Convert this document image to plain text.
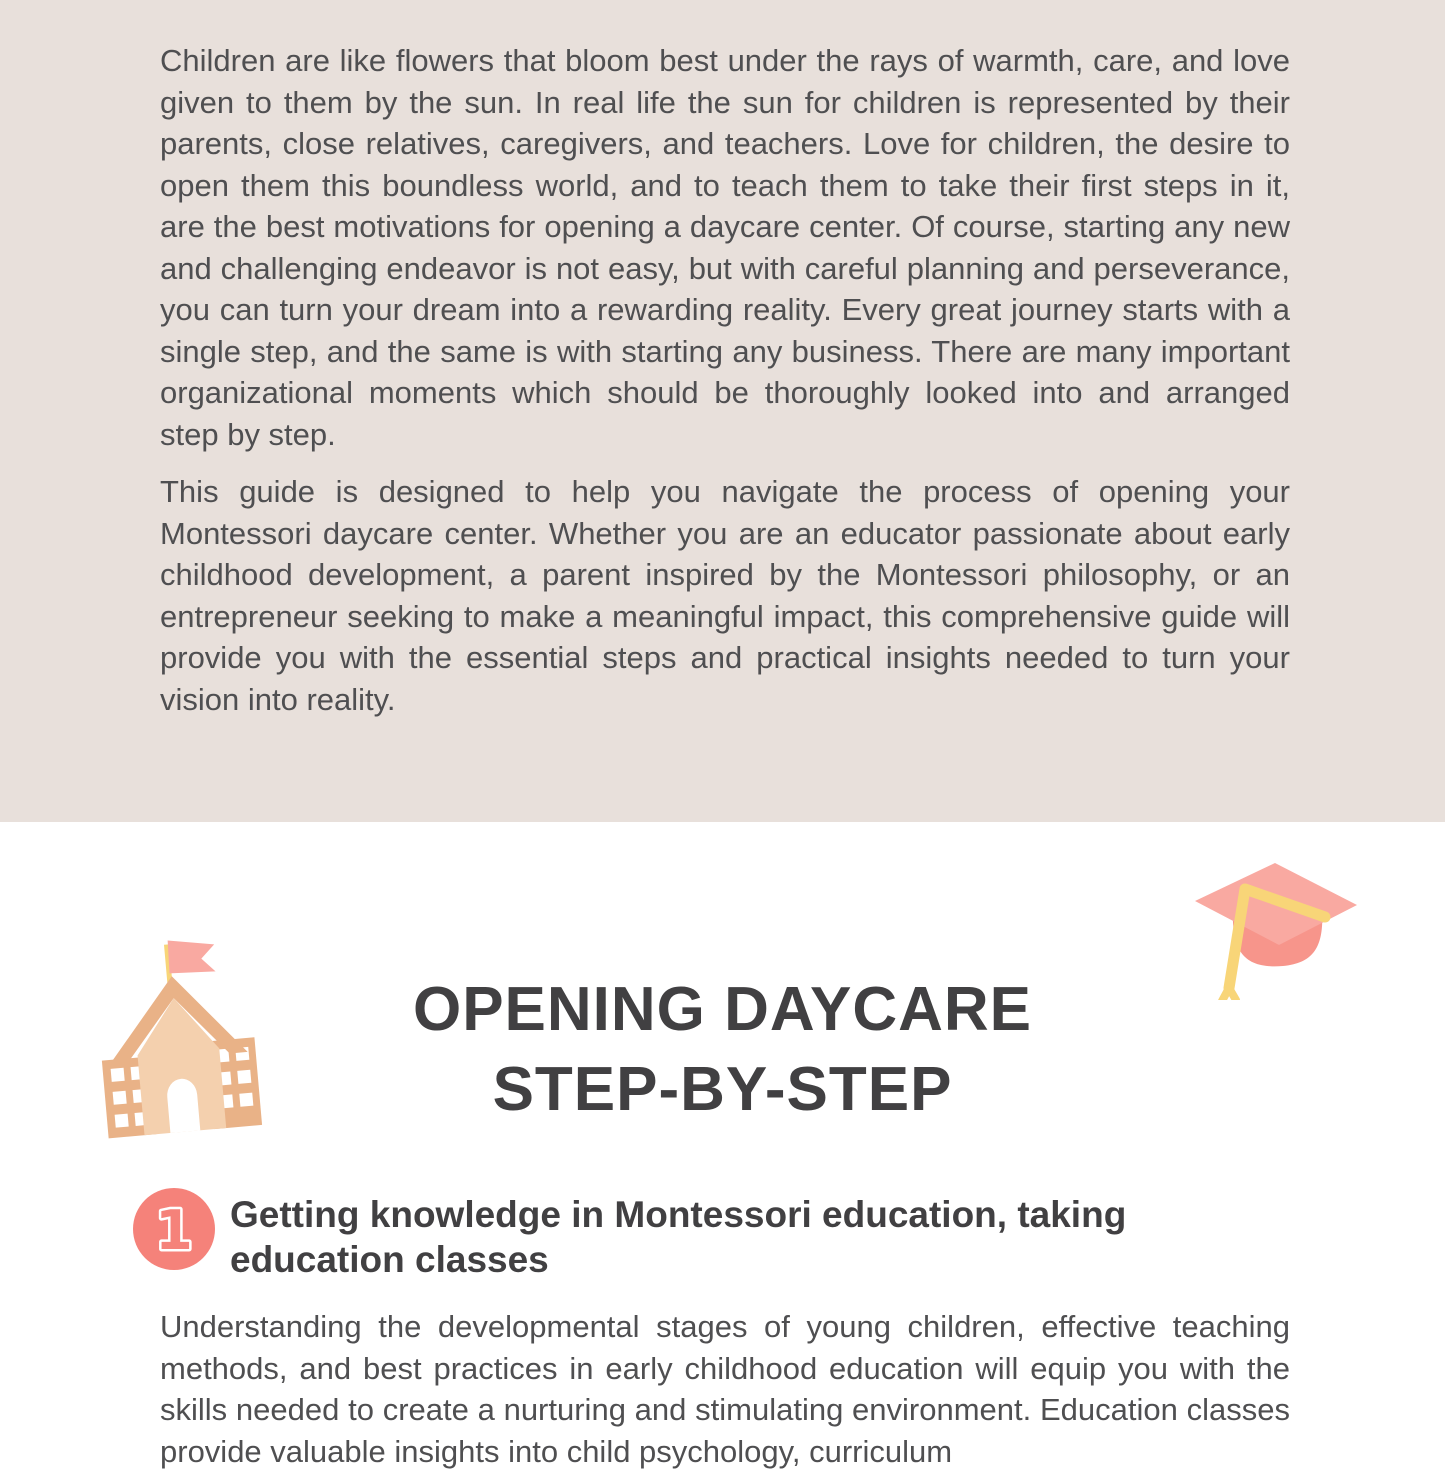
Children are like flowers that bloom best under the rays of warmth, care, and love given to them by the sun. In real life the sun for children is represented by their parents, close relatives, caregivers, and teachers. Love for children, the desire to open them this boundless world, and to teach them to take their first steps in it, are the best motivations for opening a daycare center. Of course, starting any new and challenging endeavor is not easy, but with careful planning and perseverance, you can turn your dream into a rewarding reality. Every great journey starts with a single step, and the same is with starting any business. There are many important organizational moments which should be thoroughly looked into and arranged step by step.

This guide is designed to help you navigate the process of opening your Montessori daycare center. Whether you are an educator passionate about early childhood development, a parent inspired by the Montessori philosophy, or an entrepreneur seeking to make a meaningful impact, this comprehensive guide will provide you with the essential steps and practical insights needed to turn your vision into reality.

OPENING DAYCARE
STEP-BY-STEP
1 Getting knowledge in Montessori education, taking education classes

Understanding the developmental stages of young children, effective teaching methods, and best practices in early childhood education will equip you with the skills needed to create a nurturing and stimulating environment. Education classes provide valuable insights into child psychology, curriculum
